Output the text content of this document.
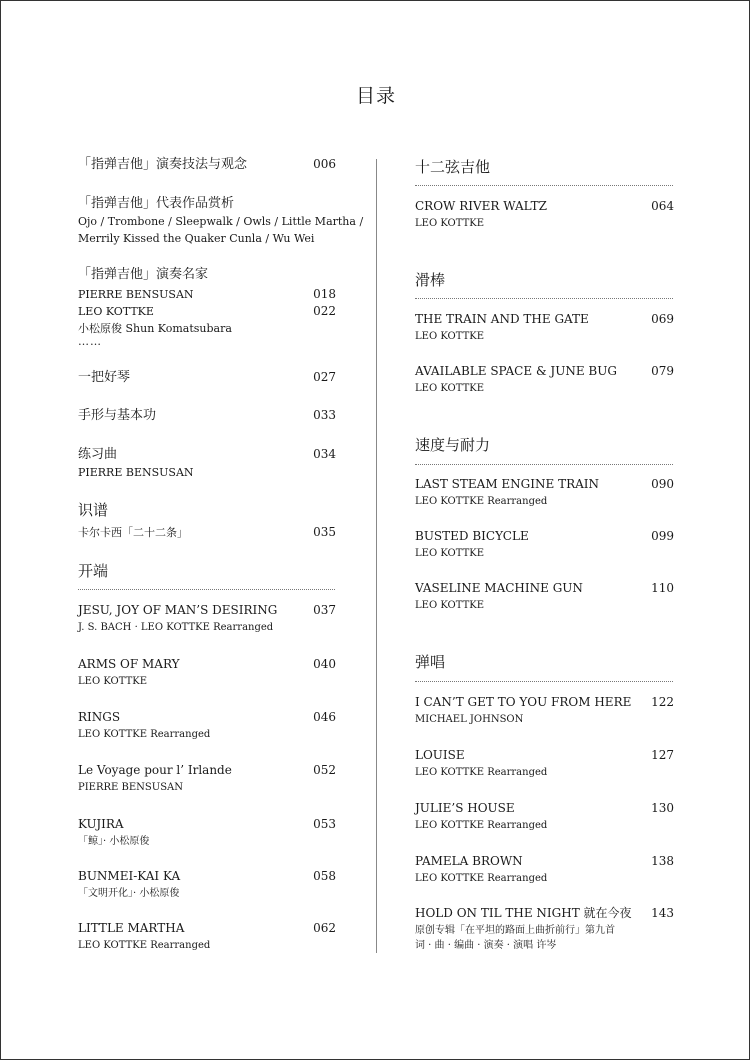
目录
「指弹吉他」演奏技法与观念	006
「指弹吉他」代表作品赏析
Ojo / Trombone / Sleepwalk / Owls / Little Martha /
Merrily Kissed the Quaker Cunla / Wu Wei
「指弹吉他」演奏名家
PIERRE BENSUSAN	018
LEO KOTTKE	022
小松原俊 Shun Komatsubara
……
一把好琴	027
手形与基本功	033
练习曲	034
PIERRE BENSUSAN
识谱
卡尔卡西「二十二条」	035
开端
JESU, JOY OF MAN’S DESIRING	037
J. S. BACH · LEO KOTTKE Rearranged
ARMS OF MARY	040
LEO KOTTKE
RINGS	046
LEO KOTTKE Rearranged
Le Voyage pour l’ Irlande	052
PIERRE BENSUSAN
KUJIRA	053
「鲸」· 小松原俊
BUNMEI-KAI KA	058
「文明开化」· 小松原俊
LITTLE MARTHA	062
LEO KOTTKE Rearranged
十二弦吉他
CROW RIVER WALTZ	064
LEO KOTTKE
滑棒
THE TRAIN AND THE GATE	069
LEO KOTTKE
AVAILABLE SPACE & JUNE BUG	079
LEO KOTTKE
速度与耐力
LAST STEAM ENGINE TRAIN	090
LEO KOTTKE Rearranged
BUSTED BICYCLE	099
LEO KOTTKE
VASELINE MACHINE GUN	110
LEO KOTTKE
弹唱
I CAN’T GET TO YOU FROM HERE 122
MICHAEL JOHNSON
LOUISE	127
LEO KOTTKE Rearranged
JULIE’S HOUSE	130
LEO KOTTKE Rearranged
PAMELA BROWN	138
LEO KOTTKE Rearranged
HOLD ON TIL THE NIGHT 就在今夜 143
原创专辑「在平坦的路面上曲折前行」第九首
词 · 曲 · 编曲 · 演奏 · 演唱 许岑
